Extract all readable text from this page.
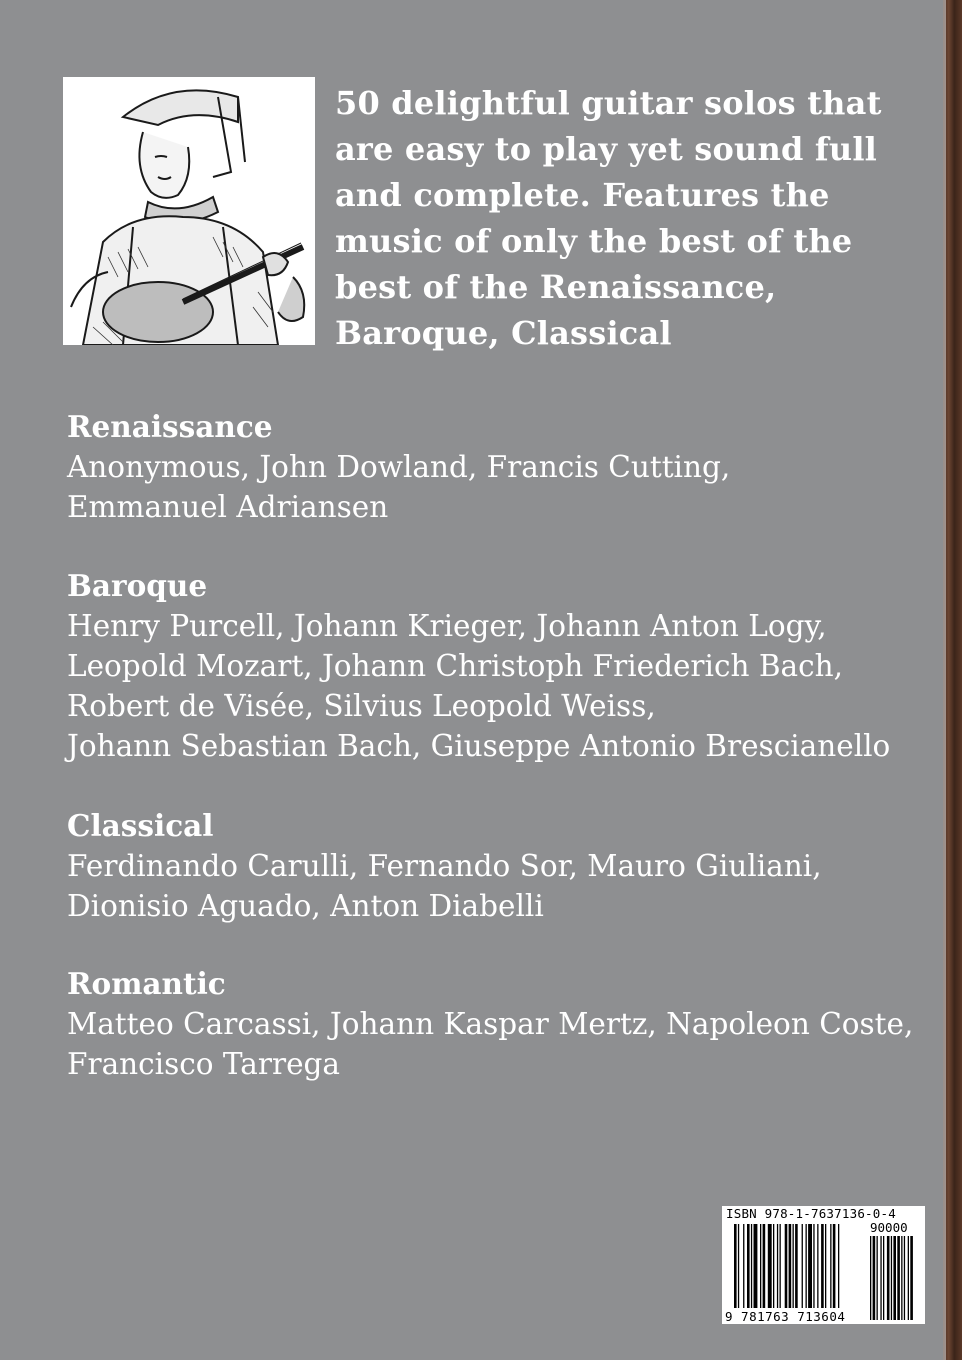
50 delightful guitar solos that are easy to play yet sound full and complete. Features the music of only the best of the best of the Renaissance, Baroque, Classical
Renaissance
Anonymous, John Dowland, Francis Cutting,
Emmanuel Adriansen
Baroque
Henry Purcell, Johann Krieger, Johann Anton Logy,
Leopold Mozart, Johann Christoph Friederich Bach,
Robert de Visée, Silvius Leopold Weiss,
Johann Sebastian Bach, Giuseppe Antonio Brescianello
Classical
Ferdinando Carulli, Fernando Sor, Mauro Giuliani,
Dionisio Aguado, Anton Diabelli
Romantic
Matteo Carcassi, Johann Kaspar Mertz, Napoleon Coste,
Francisco Tarrega
ISBN 978-1-7637136-0-4
90000
9 781763 713604
